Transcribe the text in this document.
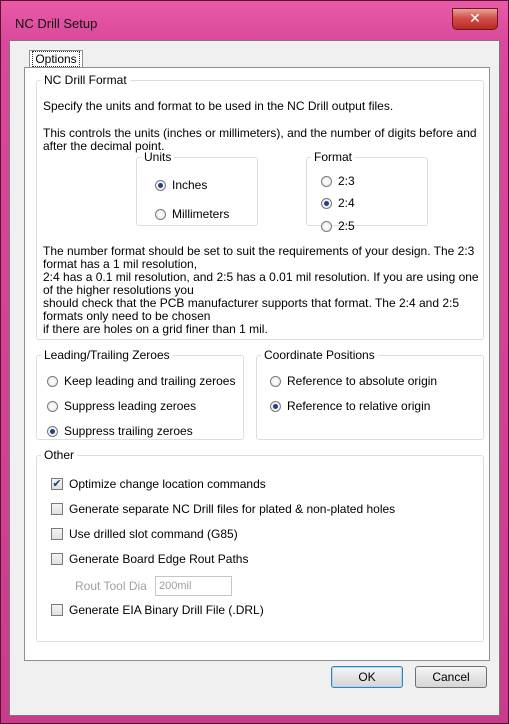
NC Drill Setup	✕
Options
NC Drill Format
Specify the units and format to be used in the NC Drill output files.
This controls the units (inches or millimeters), and the number of digits before and
after the decimal point.
Units
Inches
Millimeters
Format
2:3
2:4
2:5
The number format should be set to suit the requirements of your design. The 2:3
format has a 1 mil resolution,
2:4 has a 0.1 mil resolution, and 2:5 has a 0.01 mil resolution. If you are using one
of the higher resolutions you
should check that the PCB manufacturer supports that format. The 2:4 and 2:5
formats only need to be chosen
if there are holes on a grid finer than 1 mil.
Leading/Trailing Zeroes
Keep leading and trailing zeroes
Suppress leading zeroes
Suppress trailing zeroes
Coordinate Positions
Reference to absolute origin
Reference to relative origin
Other
✔ Optimize change location commands
Generate separate NC Drill files for plated & non-plated holes
Use drilled slot command (G85)
Generate Board Edge Rout Paths
Rout Tool Dia	200mil
Generate EIA Binary Drill File (.DRL)
OK	Cancel
